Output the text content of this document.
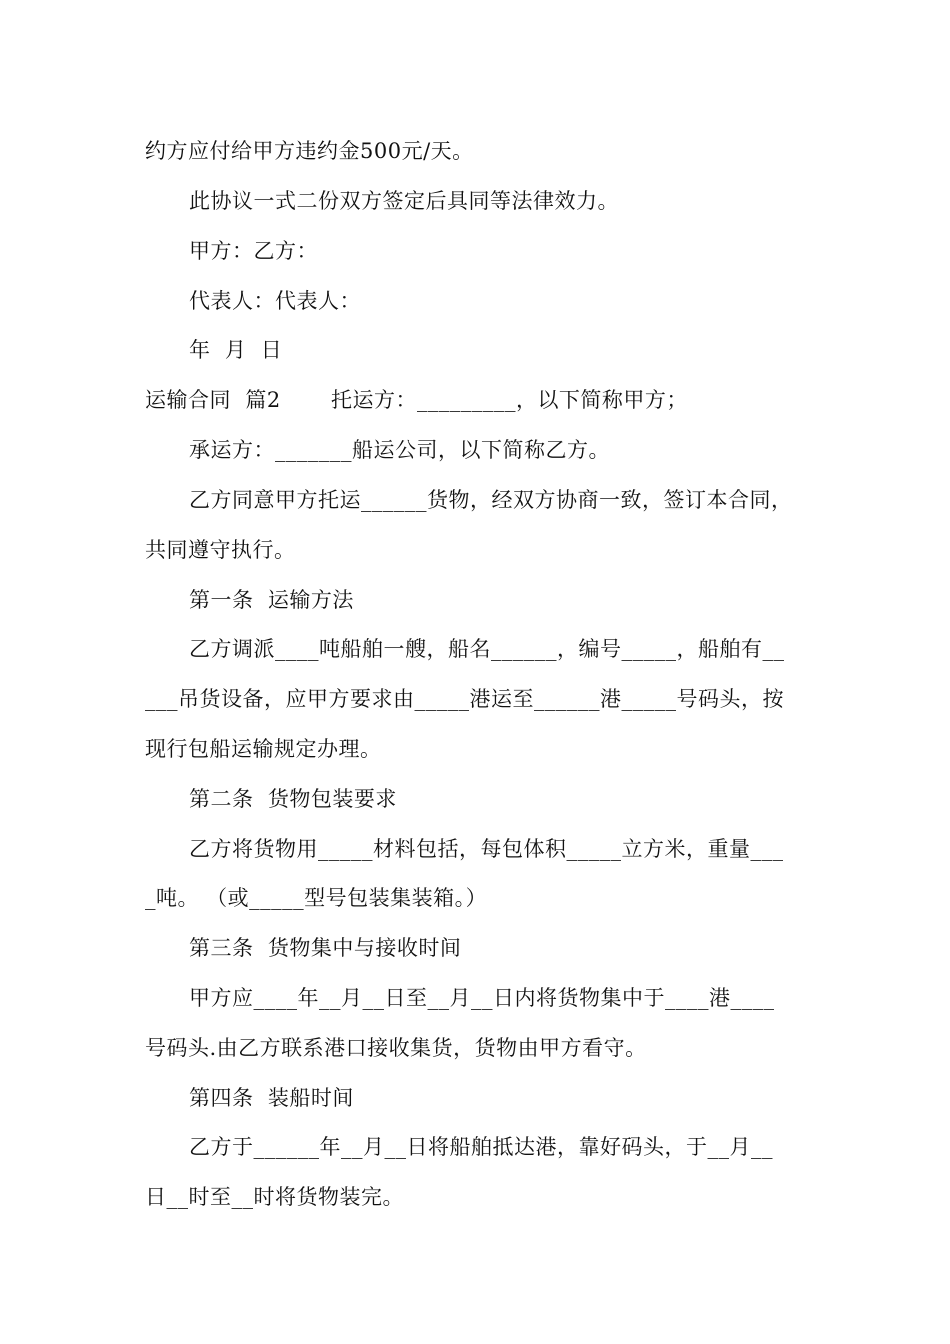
约方应付给甲方违约金500元/天。
此协议一式二份双方签定后具同等法律效力。
甲方：乙方：
代表人：代表人：
年  月  日
运输合同  篇2       托运方：_________，以下简称甲方；
承运方：_______船运公司，以下简称乙方。
乙方同意甲方托运______货物，经双方协商一致，签订本合同，
共同遵守执行。
第一条  运输方法
乙方调派____吨船舶一艘，船名______，编号_____，船舶有__
___吊货设备，应甲方要求由_____港运至______港_____号码头，按
现行包船运输规定办理。
第二条  货物包装要求
乙方将货物用_____材料包括，每包体积_____立方米，重量___
_吨。 （或_____型号包装集装箱。）
第三条  货物集中与接收时间
甲方应____年__月__日至__月__日内将货物集中于____港____
号码头.由乙方联系港口接收集货，货物由甲方看守。
第四条  装船时间
乙方于______年__月__日将船舶抵达港，靠好码头，于__月__
日__时至__时将货物装完。
